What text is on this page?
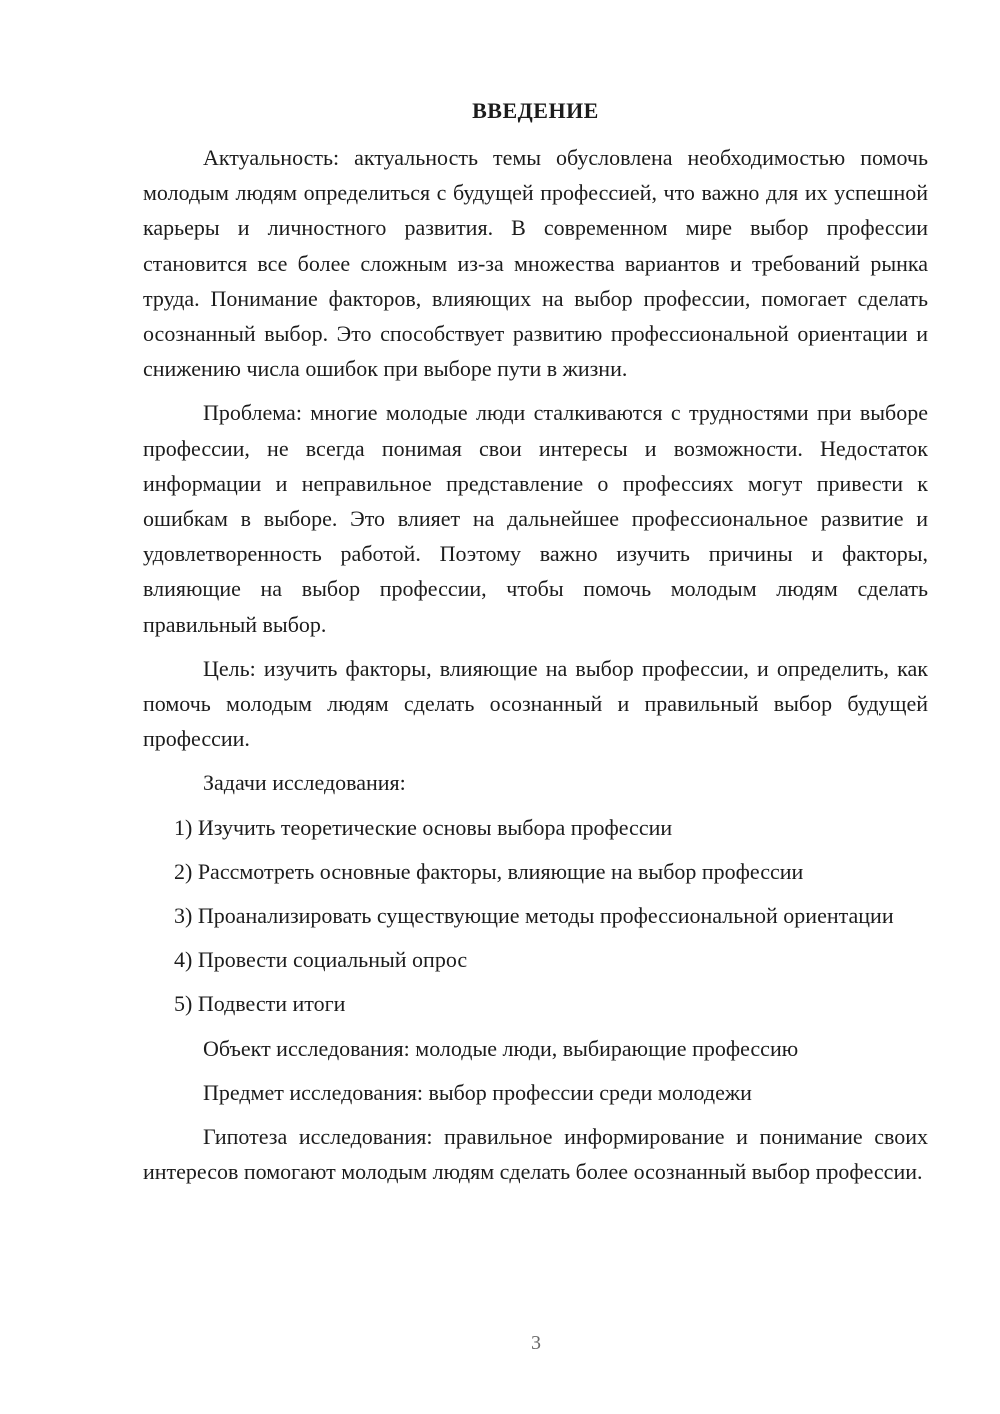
ВВЕДЕНИЕ

Актуальность: актуальность темы обусловлена необходимостью помочь молодым людям определиться с будущей профессией, что важно для их успешной карьеры и личностного развития. В современном мире выбор профессии становится все более сложным из-за множества вариантов и требований рынка труда. Понимание факторов, влияющих на выбор профессии, помогает сделать осознанный выбор. Это способствует развитию профессиональной ориентации и снижению числа ошибок при выборе пути в жизни.

Проблема: многие молодые люди сталкиваются с трудностями при выборе профессии, не всегда понимая свои интересы и возможности. Недостаток информации и неправильное представление о профессиях могут привести к ошибкам в выборе. Это влияет на дальнейшее профессиональное развитие и удовлетворенность работой. Поэтому важно изучить причины и факторы, влияющие на выбор профессии, чтобы помочь молодым людям сделать правильный выбор.

Цель: изучить факторы, влияющие на выбор профессии, и определить, как помочь молодым людям сделать осознанный и правильный выбор будущей профессии.

Задачи исследования:

1) Изучить теоретические основы выбора профессии

2) Рассмотреть основные факторы, влияющие на выбор профессии

3) Проанализировать существующие методы профессиональной ориентации

4) Провести социальный опрос

5) Подвести итоги

Объект исследования: молодые люди, выбирающие профессию

Предмет исследования: выбор профессии среди молодежи

Гипотеза исследования: правильное информирование и понимание своих интересов помогают молодым людям сделать более осознанный выбор профессии.

3
